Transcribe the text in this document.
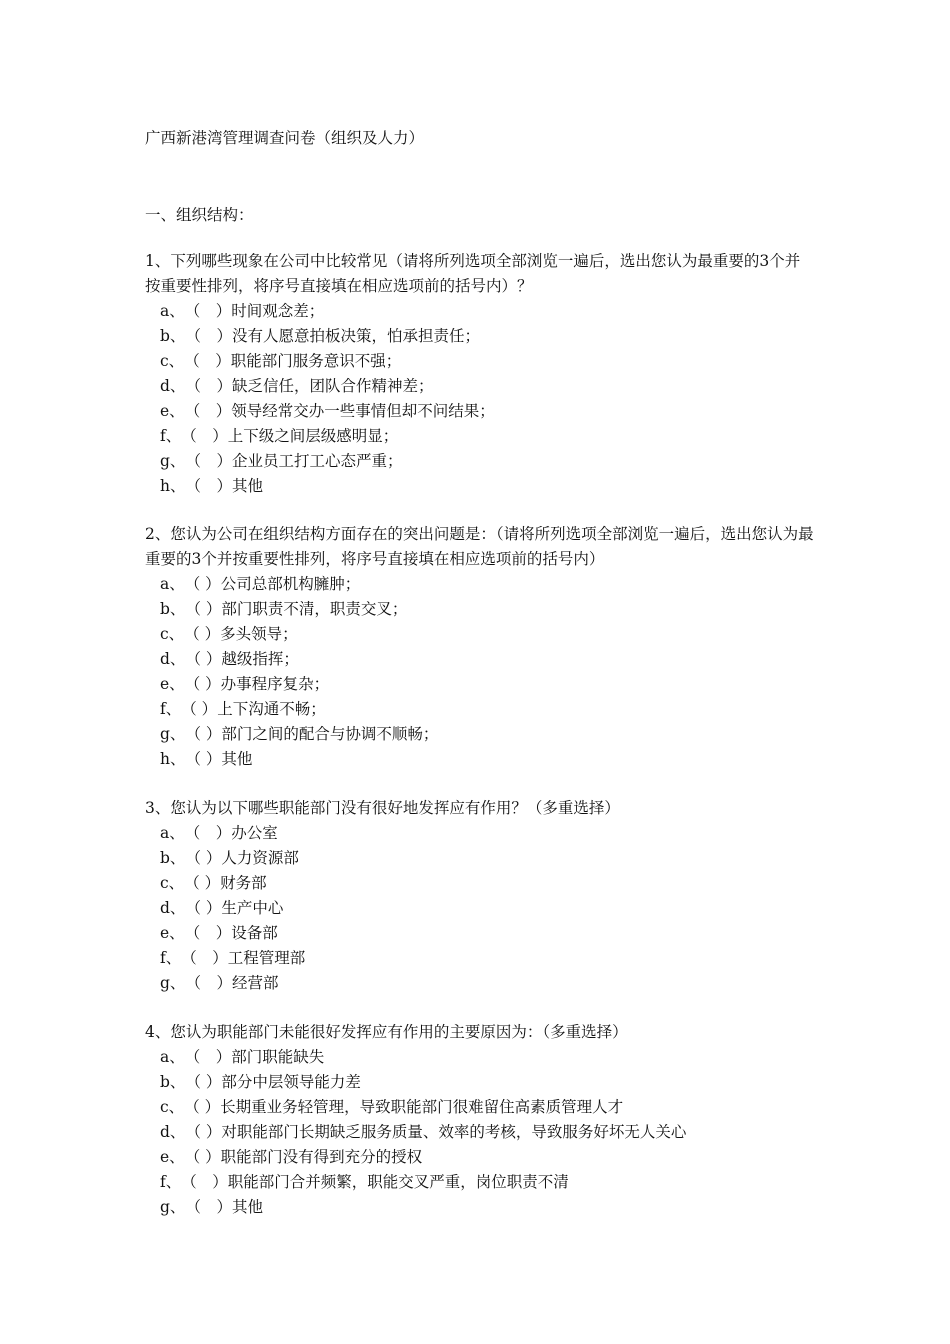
广西新港湾管理调查问卷（组织及人力）
一、组织结构：

1、下列哪些现象在公司中比较常见（请将所列选项全部浏览一遍后，选出您认为最重要的3个并按重要性排列，将序号直接填在相应选项前的括号内）？

a、（　）时间观念差；
b、（　）没有人愿意拍板决策，怕承担责任；
c、（　）职能部门服务意识不强；
d、（　）缺乏信任，团队合作精神差；
e、（　）领导经常交办一些事情但却不问结果；
f、（　）上下级之间层级感明显；
g、（　）企业员工打工心态严重；
h、（　）其他

2、您认为公司在组织结构方面存在的突出问题是：（请将所列选项全部浏览一遍后，选出您认为最重要的3个并按重要性排列，将序号直接填在相应选项前的括号内）

a、（ ）公司总部机构臃肿；
b、（ ）部门职责不清，职责交叉；
c、（ ）多头领导；
d、（ ）越级指挥；
e、（ ）办事程序复杂；
f、（ ）上下沟通不畅；
g、（ ）部门之间的配合与协调不顺畅；
h、（ ）其他

3、您认为以下哪些职能部门没有很好地发挥应有作用？（多重选择）

a、（　）办公室
b、（ ）人力资源部
c、（ ）财务部
d、（ ）生产中心
e、（　）设备部
f、（　）工程管理部
g、（　）经营部

4、您认为职能部门未能很好发挥应有作用的主要原因为：（多重选择）

a、（　）部门职能缺失
b、（ ）部分中层领导能力差
c、（ ）长期重业务轻管理，导致职能部门很难留住高素质管理人才
d、（ ）对职能部门长期缺乏服务质量、效率的考核，导致服务好坏无人关心
e、（ ）职能部门没有得到充分的授权
f、（　）职能部门合并频繁，职能交叉严重，岗位职责不清
g、（　）其他
